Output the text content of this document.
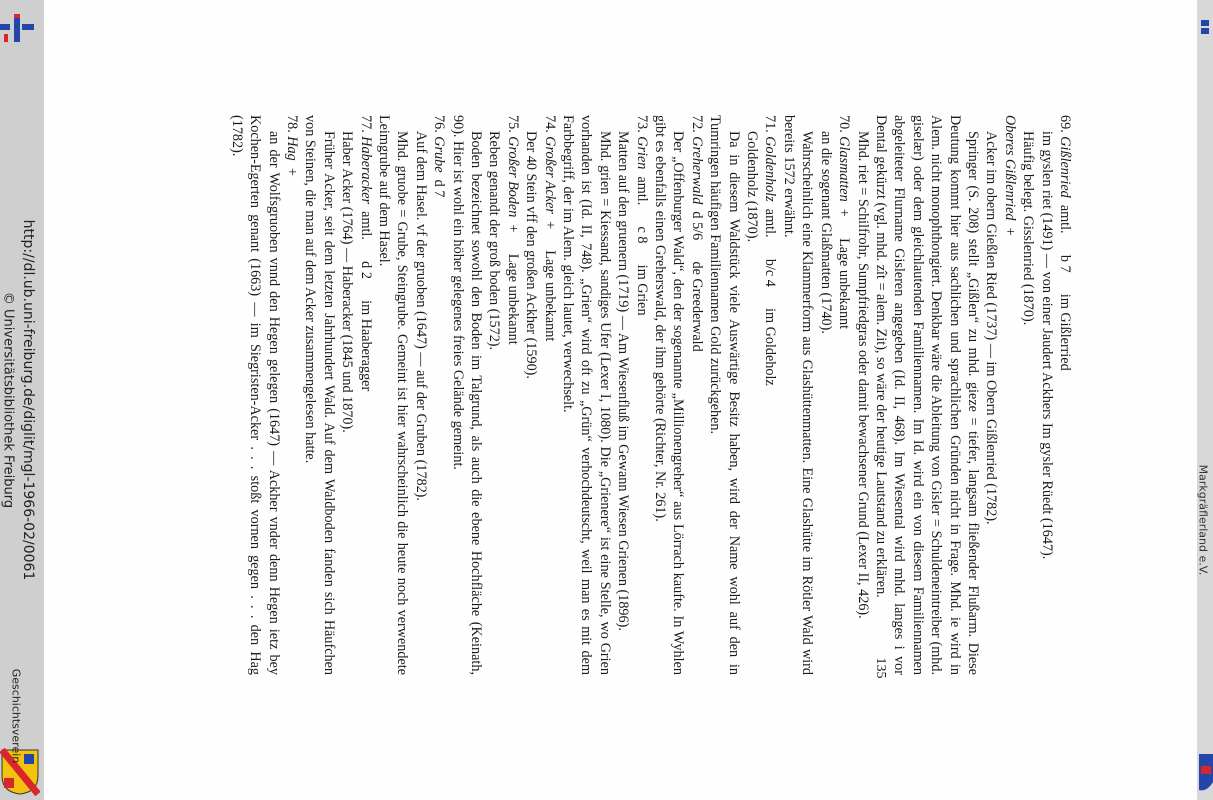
http://dl.ub.uni-freiburg.de/diglit/mgl-1966-02/0061
© Universitätsbibliothek Freiburg
Geschichtsverein
Markgräflerland e.V.

69. Gißlenried  amtl.      b 7      im Gißlerried

im gyslen riet (1491) — von einer Jaudert Ackhers Im gysler Rüedt (1647).

Häufig belegt. Gisslenried (1870).

Oberes Gißlenried  +

Acker im obern Gießlen Ried (1737) — im Obern Gißlenried (1782).

Springer (S. 208) stellt „Gißlen“ zu mhd. gieze = tiefer, langsam fließender Flußarm. Diese Deutung kommt hier aus sachlichen und sprachlichen Gründen nicht in Frage. Mhd. ie wird in Alem. nicht monophthongiert. Denkbar wäre die Ableitung von Gisler = Schuldeneintreiber (mhd. giselær) oder dem gleichlautenden Familiennamen. Im Id. wird ein von diesem Familiennamen abgeleiteter Flurname Gisleren angegeben (Id. II, 468). Im Wiesental wird mhd. langes i vor Dental gekürzt (vgl. mhd. zît = alem. Zit), so wäre der heutige Lautstand zu erklären.

Mhd. riet = Schilfrohr, Sumpfriedgras oder damit bewachsener Grund (Lexer II, 426).

70. Glasmatten  +      Lage unbekannt

an die sogenant Glaßmatten (1740).

Wahrscheinlich eine Klammerform aus Glashüttenmatten. Eine Glashütte im Rötler Wald wird bereits 1572 erwähnt.

71. Goldenholz  amtl.      b/c 4      im Goldeholz

Goldenholz (1870).

Da in diesem Waldstück viele Auswärtige Besitz haben, wird der Name wohl auf den in Tumringen häufigen Familiennamen Gold zurückgehen.

72. Greherwald  d 5/6      de Greederwald

Der „Offenburger Wald“, den der sogenannte „Millionengreher“ aus Lörrach kaufte. In Wyhlen gibt es ebenfalls einen Greherswald, der ihm gehörte (Richter, Nr. 261).

73. Grien  amtl.      c 8      im Grien

Matten auf den gruenern (1719) — Am Wiesenfluß im Gewann Wiesen Grienen (1896).

Mhd. grien = Kiessand, sandiges Ufer (Lexer I, 1080). Die „Grienere“ ist eine Stelle, wo Grien vorhanden ist (Id. II, 748). „Grien“ wird oft zu „Grün“ verhochdeutscht, weil man es mit dem Farbbegriff, der im Alem. gleich lautet, verwechselt.

74. Großer Acker  +      Lage unbekannt

Der 40 Stein vff den großen Ackher (1590).

75. Großer Boden  +      Lage unbekannt

Reben genandt der groß boden (1572).

Boden bezeichnet sowohl den Boden im Talgrund, als auch die ebene Hochfläche (Keinath, 90). Hier ist wohl ein höher gelegenes freies Gelände gemeint.

76. Grube  d 7

Auf dem Hasel. vf der gruoben (1647) — auf der Gruben (1782).

Mhd. gruobe = Grube, Steingrube. Gemeint ist hier wahrscheinlich die heute noch verwendete Leimgrube auf dem Hasel.

77. Haberacker  amtl.      d 2      im Haaberagger

Haber Acker (1764) — Haberacker (1845 und 1870).

Früher Acker, seit dem letzten Jahrhundert Wald. Auf dem Waldboden fanden sich Häufchen von Steinen, die man auf dem Acker zusammengelesen hatte.

78. Hag  +

an der Wolfsgruoben vnnd den Hegen gelegen (1647) — Ackher vnder denn Hegen ietz bey Kochen-Egerten genant (1663) — im Siegristen-Acker . . . stoßt vornen gegen . . . den Hag (1782).

135
